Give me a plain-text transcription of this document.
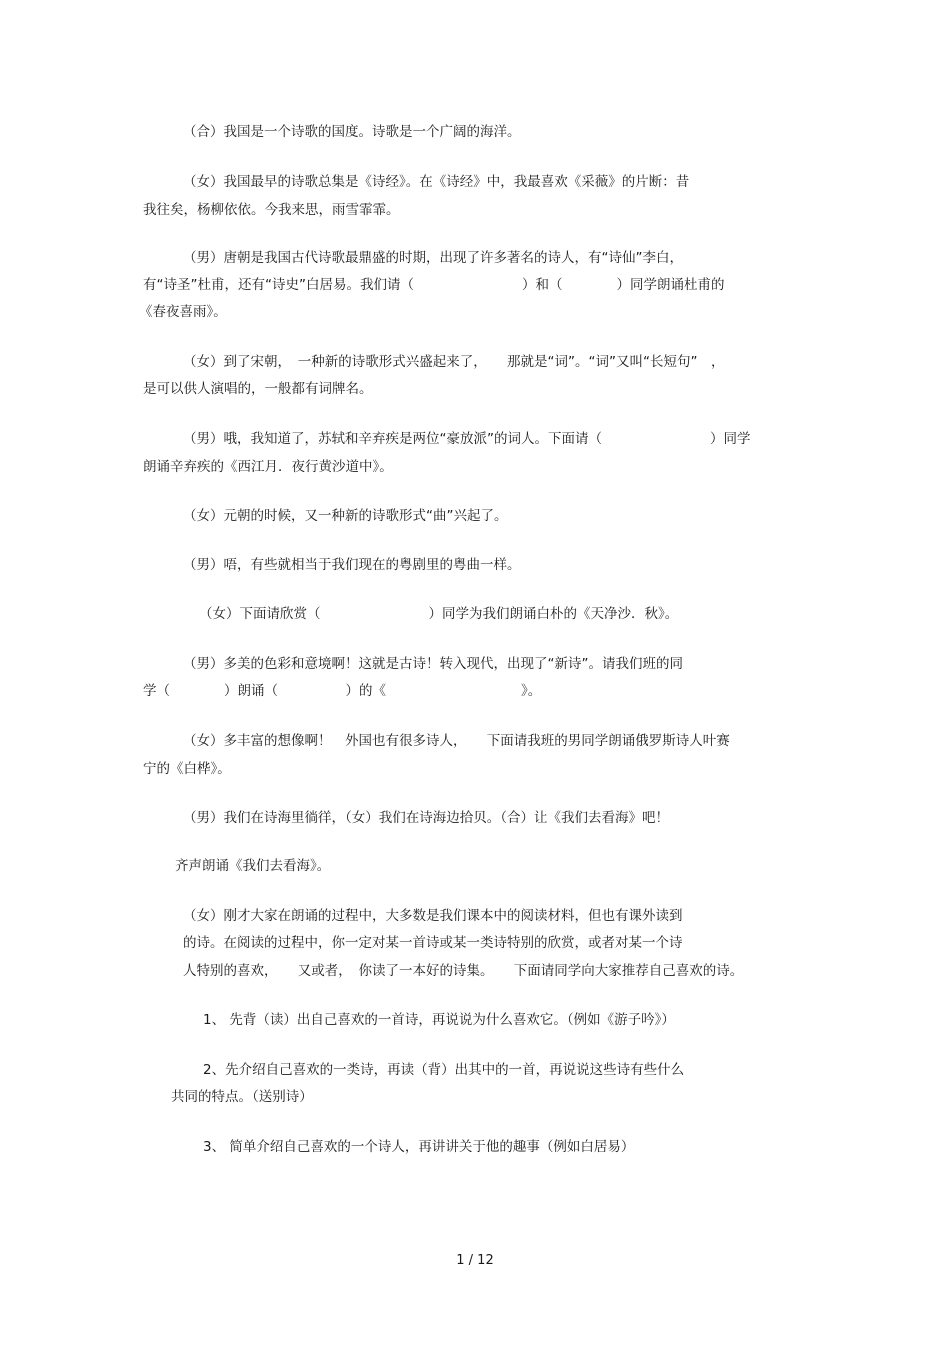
（合）我国是一个诗歌的国度。诗歌是一个广阔的海洋。
（女）我国最早的诗歌总集是《诗经》。在《诗经》中，我最喜欢《采薇》的片断：昔
我往矣，杨柳依依。今我来思，雨雪霏霏。
（男）唐朝是我国古代诗歌最鼎盛的时期，出现了许多著名的诗人，有“诗仙”李白，
有“诗圣”杜甫，还有“诗史”白居易。我们请（　　　　　　　　）和（　　　　）同学朗诵杜甫的
《春夜喜雨》。
（女）到了宋朝，　一种新的诗歌形式兴盛起来了，　　那就是“词”。“词”又叫“长短句”　，
是可以供人演唱的，一般都有词牌名。
（男）哦，我知道了，苏轼和辛弃疾是两位“豪放派”的词人。下面请（　　　　　　　　）同学
朗诵辛弃疾的《西江月．夜行黄沙道中》。
（女）元朝的时候，又一种新的诗歌形式“曲”兴起了。
（男）唔，有些就相当于我们现在的粤剧里的粤曲一样。
（女）下面请欣赏（　　　　　　　　）同学为我们朗诵白朴的《天净沙．秋》。
（男）多美的色彩和意境啊！这就是古诗！转入现代，出现了“新诗”。请我们班的同
学（　　　　）朗诵（　　　　　）的《　　　　　　　　　　》。
（女）多丰富的想像啊！　外国也有很多诗人，　　下面请我班的男同学朗诵俄罗斯诗人叶赛
宁的《白桦》。
（男）我们在诗海里徜徉，（女）我们在诗海边拾贝。（合）让《我们去看海》吧！
齐声朗诵《我们去看海》。
（女）刚才大家在朗诵的过程中，大多数是我们课本中的阅读材料，但也有课外读到
的诗。在阅读的过程中，你一定对某一首诗或某一类诗特别的欣赏，或者对某一个诗
人特别的喜欢，　　又或者，　你读了一本好的诗集。　　下面请同学向大家推荐自己喜欢的诗。
1、 先背（读）出自己喜欢的一首诗，再说说为什么喜欢它。（例如《游子吟》）
2、先介绍自己喜欢的一类诗，再读（背）出其中的一首，再说说这些诗有些什么
共同的特点。（送别诗）
3、 简单介绍自己喜欢的一个诗人，再讲讲关于他的趣事（例如白居易）
1 / 12
